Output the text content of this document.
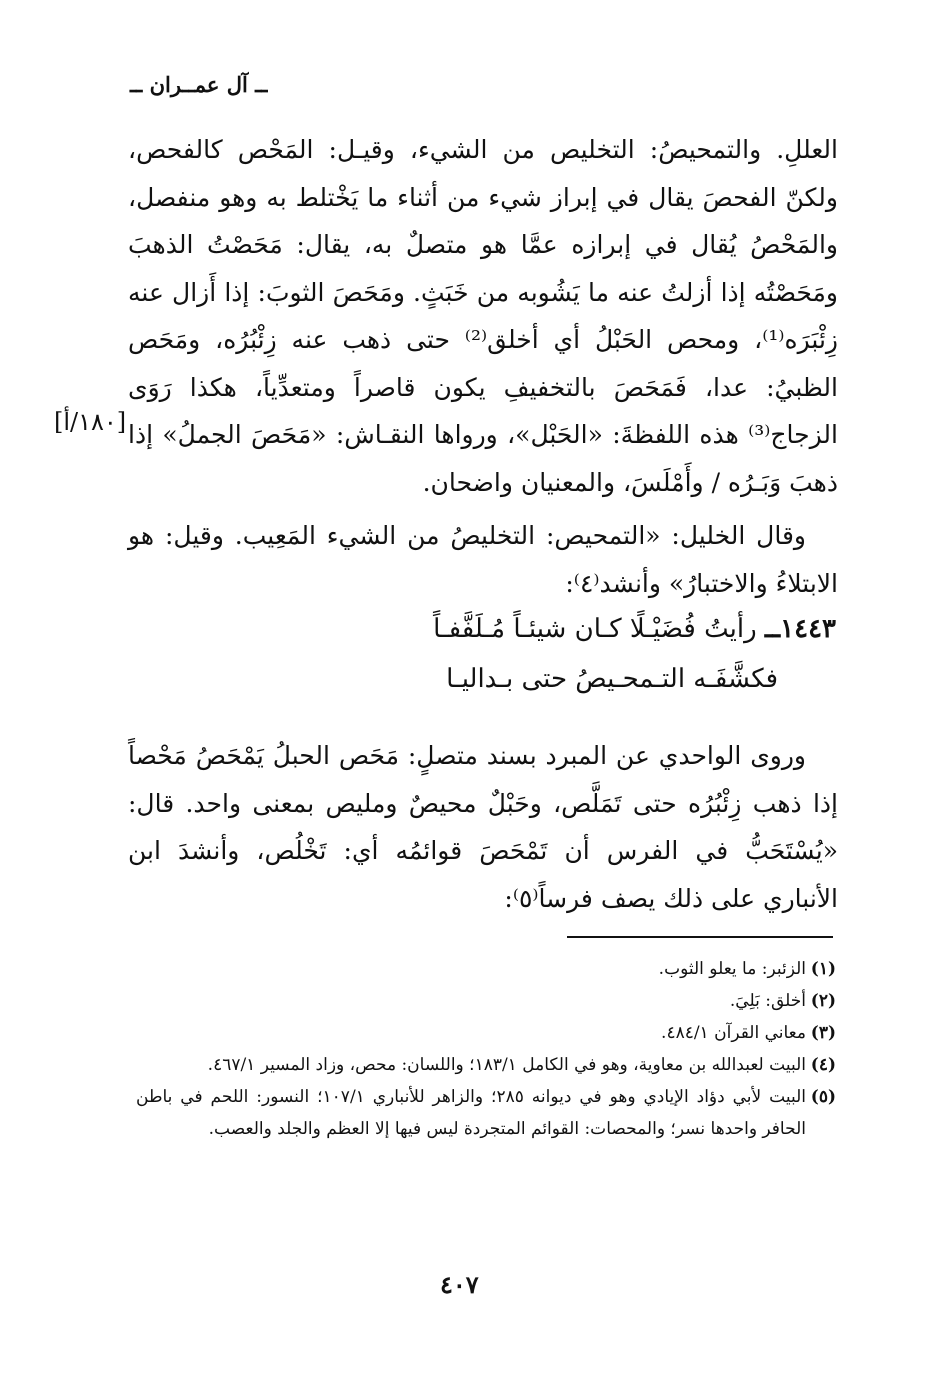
ــ آل عمــران ــ

العللِ. والتمحيصُ: التخليص من الشيء، وقيـل: المَحْص كالفحص، ولكنّ الفحصَ يقال في إبراز شيء من أثناء ما يَخْتلط به وهو منفصل، والمَحْصُ يُقال في إبرازه عمَّا هو متصلٌ به، يقال: مَحَصْتُ الذهبَ ومَحَصْتُه إذا أزلتُ عنه ما يَشُوبه من خَبَثٍ. ومَحَصَ الثوبَ: إذا أَزال عنه زِئْبَرَه⁽¹⁾، ومحص الحَبْلُ أي أخلق⁽²⁾ حتى ذهب عنه زِئْبُرُه، ومَحَص الظبيُ: عدا، فَمَحَصَ بالتخفيفِ يكون قاصراً ومتعدِّياً، هكذا رَوَى الزجاج⁽³⁾ هذه اللفظةَ: «الحَبْل»، ورواها النقـاش: «مَحَصَ الجملُ» إذا ذهبَ وَبَـرُه / وأَمْلَسَ، والمعنيان واضحان.

وقال الخليل: «التمحيص: التخليصُ من الشيء المَعِيب. وقيل: هو الابتلاءُ والاختبارُ» وأنشد⁽٤⁾:

[١٨٠/أ]
١٤٤٣ــ رأيتُ فُضَيْـلًا كـان شيئـاً مُـلَفَّفـاً
فكشَّفَـه التـمحـيصُ حتى بـداليـا

وروى الواحدي عن المبرد بسند متصلٍ: مَحَص الحبلُ يَمْحَصُ مَحْصاً إذا ذهب زِئْبُرُه حتى تَمَلَّص، وحَبْلٌ محيصٌ ومليص بمعنى واحد. قال: «يُسْتَحَبُّ في الفرس أن تَمْحَصَ قوائمُه أي: تَخْلُص، وأنشدَ ابن الأنباري على ذلك يصف فرساً⁽٥⁾:

(١)
الزئبر: ما يعلو الثوب.
(٢)
أخلق: بَلِيَ.
(٣)
معاني القرآن ٤٨٤/١.
(٤)
البيت لعبدالله بن معاوية، وهو في الكامل ١٨٣/١؛ واللسان: محص، وزاد المسير ٤٦٧/١.
(٥)
البيت لأبي دؤاد الإيادي وهو في ديوانه ٢٨٥؛ والزاهر للأنباري ١٠٧/١؛ النسور: اللحم في باطن الحافر واحدها نسر؛ والمحصات: القوائم المتجردة ليس فيها إلا العظم والجلد والعصب.
٤٠٧
